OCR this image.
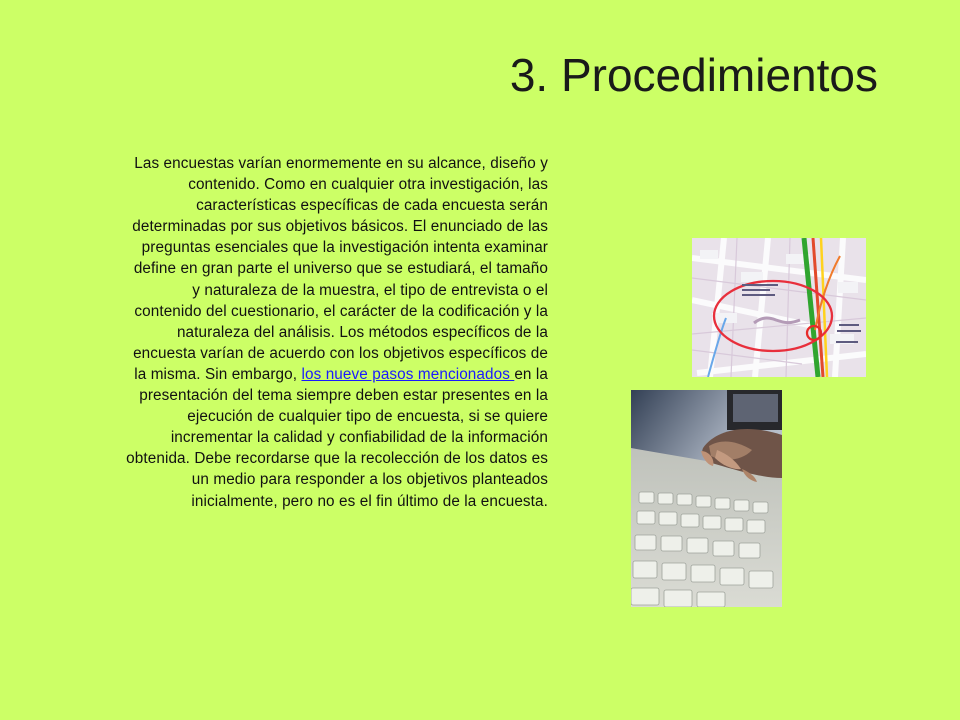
3. Procedimientos
Las encuestas varían enormemente en su alcance, diseño y contenido. Como en cualquier otra investigación, las características específicas de cada encuesta serán determinadas por sus objetivos básicos. El enunciado de las preguntas esenciales que la investigación intenta examinar define en gran parte el universo que se estudiará, el tamaño y naturaleza de la muestra, el tipo de entrevista o el contenido del cuestionario, el carácter de la codificación y la naturaleza del análisis. Los métodos específicos de la encuesta varían de acuerdo con los objetivos específicos de la misma. Sin embargo, los nueve pasos mencionados en la presentación del tema siempre deben estar presentes en la ejecución de cualquier tipo de encuesta, si se quiere incrementar la calidad y confiabilidad de la información obtenida. Debe recordarse que la recolección de los datos es un medio para responder a los objetivos planteados inicialmente, pero no es el fin último de la encuesta.
